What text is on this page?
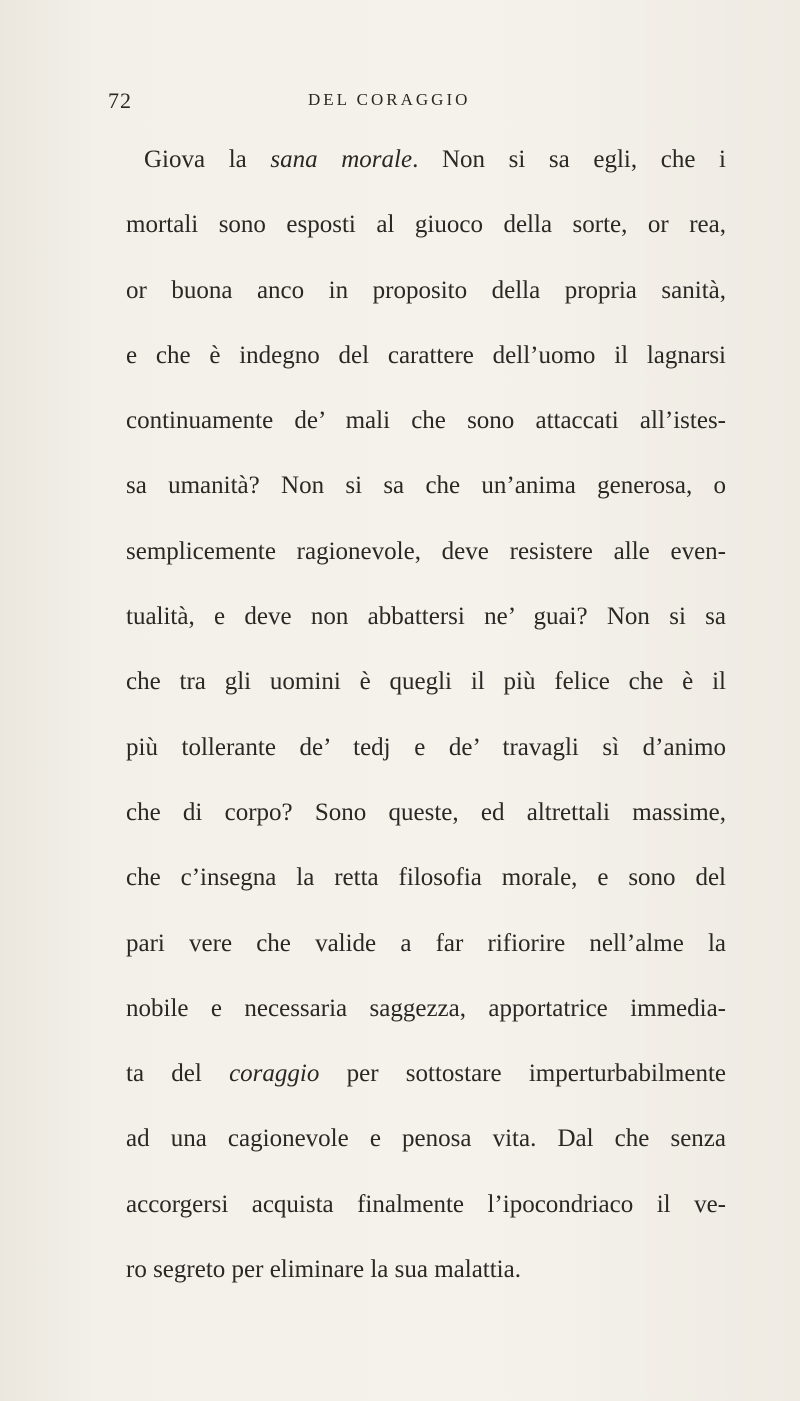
72	DEL CORAGGIO
Giova la sana morale. Non si sa egli, che i
mortali sono esposti al giuoco della sorte, or rea,
or buona anco in proposito della propria sanità,
e che è indegno del carattere dell’uomo il lagnarsi
continuamente de’ mali che sono attaccati all’istes-
sa umanità? Non si sa che un’anima generosa, o
semplicemente ragionevole, deve resistere alle even-
tualità, e deve non abbattersi ne’ guai? Non si sa
che tra gli uomini è quegli il più felice che è il
più tollerante de’ tedj e de’ travagli sì d’animo
che di corpo? Sono queste, ed altrettali massime,
che c’insegna la retta filosofia morale, e sono del
pari vere che valide a far rifiorire nell’alme la
nobile e necessaria saggezza, apportatrice immedia-
ta del coraggio per sottostare imperturbabilmente
ad una cagionevole e penosa vita. Dal che senza
accorgersi acquista finalmente l’ipocondriaco il ve-
ro segreto per eliminare la sua malattia.
